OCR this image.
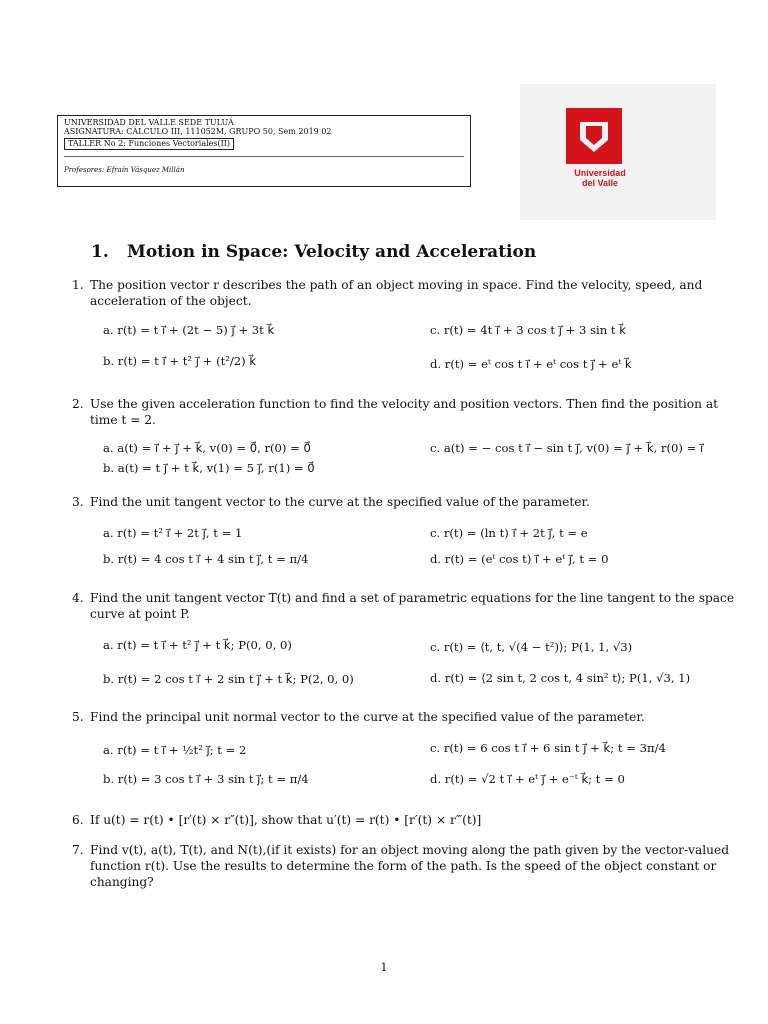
UNIVERSIDAD DEL VALLE SEDE TULUÁ
ASIGNATURA: CÁLCULO III, 111052M, GRUPO 50, Sem 2019 02
TALLER No 2: Funciones Vectoriales(II)
Profesores: Efraín Vásquez Millán	Universidad
del Valle
1. Motion in Space: Velocity and Acceleration
1. The position vector r describes the path of an object moving in space. Find the velocity, speed, and acceleration of the object.
a. r(t) = t i⃗ + (2t − 5) j⃗ + 3t k⃗	c. r(t) = 4t i⃗ + 3 cos t j⃗ + 3 sin t k⃗
b. r(t) = t i⃗ + t² j⃗ + (t²/2) k⃗	d. r(t) = eᵗ cos t i⃗ + eᵗ cos t j⃗ + eᵗ k⃗
2. Use the given acceleration function to find the velocity and position vectors. Then find the position at time t = 2.
a. a(t) = i⃗ + j⃗ + k⃗, v(0) = 0⃗, r(0) = 0⃗	c. a(t) = − cos t i⃗ − sin t j⃗, v(0) = j⃗ + k⃗, r(0) = i⃗
b. a(t) = t j⃗ + t k⃗, v(1) = 5 j⃗, r(1) = 0⃗
3. Find the unit tangent vector to the curve at the specified value of the parameter.
a. r(t) = t² i⃗ + 2t j⃗, t = 1	c. r(t) = (ln t) i⃗ + 2t j⃗, t = e
b. r(t) = 4 cos t i⃗ + 4 sin t j⃗, t = π/4	d. r(t) = (eᵗ cos t) i⃗ + eᵗ j⃗, t = 0
4. Find the unit tangent vector T(t) and find a set of parametric equations for the line tangent to the space curve at point P.
a. r(t) = t i⃗ + t² j⃗ + t k⃗; P(0, 0, 0)	c. r(t) = ⟨t, t, √(4 − t²)⟩; P(1, 1, √3)
b. r(t) = 2 cos t i⃗ + 2 sin t j⃗ + t k⃗; P(2, 0, 0)	d. r(t) = ⟨2 sin t, 2 cos t, 4 sin² t⟩; P(1, √3, 1)
5. Find the principal unit normal vector to the curve at the specified value of the parameter.
a. r(t) = t i⃗ + ½t² j⃗; t = 2	c. r(t) = 6 cos t i⃗ + 6 sin t j⃗ + k⃗; t = 3π/4
b. r(t) = 3 cos t i⃗ + 3 sin t j⃗; t = π/4	d. r(t) = √2 t i⃗ + eᵗ j⃗ + e⁻ᵗ k⃗; t = 0
6. If u(t) = r(t) • [r′(t) × r″(t)], show that u′(t) = r(t) • [r′(t) × r‴(t)]
7. Find v(t), a(t), T(t), and N(t),(if it exists) for an object moving along the path given by the vector-valued function r(t). Use the results to determine the form of the path. Is the speed of the object constant or changing?
1
